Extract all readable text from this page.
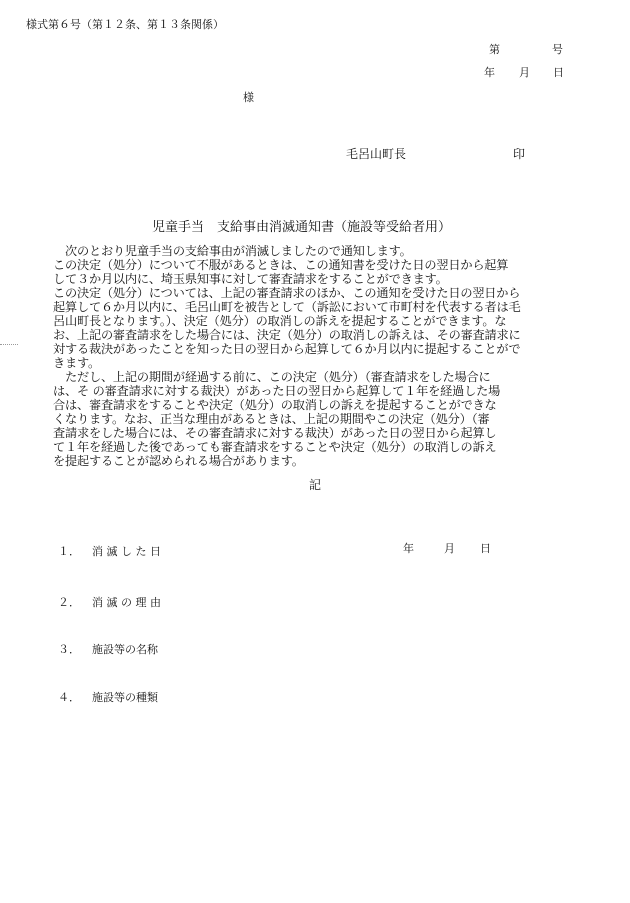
様式第６号（第１２条、第１３条関係）
第	号
年 月 日
様
毛呂山町長	印
児童手当　支給事由消滅通知書（施設等受給者用）
　次のとおり児童手当の支給事由が消滅しましたので通知します。
この決定（処分）について不服があるときは、この通知書を受けた日の翌日から起算
して３か月以内に、埼玉県知事に対して審査請求をすることができます。
この決定（処分）については、上記の審査請求のほか、この通知を受けた日の翌日から
起算して６か月以内に、毛呂山町を被告として（訴訟において市町村を代表する者は毛
呂山町長となります。）、決定（処分）の取消しの訴えを提起することができます。な
お、上記の審査請求をした場合には、決定（処分）の取消しの訴えは、その審査請求に
対する裁決があったことを知った日の翌日から起算して６か月以内に提起することがで
きます。
　ただし、上記の期間が経過する前に、この決定（処分）（審査請求をした場合に
は、そ の審査請求に対する裁決）があった日の翌日から起算して１年を経過した場
合は、審査請求をすることや決定（処分）の取消しの訴えを提起することができな
くなります。なお、正当な理由があるときは、上記の期間やこの決定（処分）（審
査請求をした場合には、その審査請求に対する裁決）があった日の翌日から起算し
て１年を経過した後であっても審査請求をすることや決定（処分）の取消しの訴え
を提起することが認められる場合があります。
記
１． 消 滅 し た 日	年	月 日
２． 消 滅 の 理 由
３． 施設等の名称
４． 施設等の種類
